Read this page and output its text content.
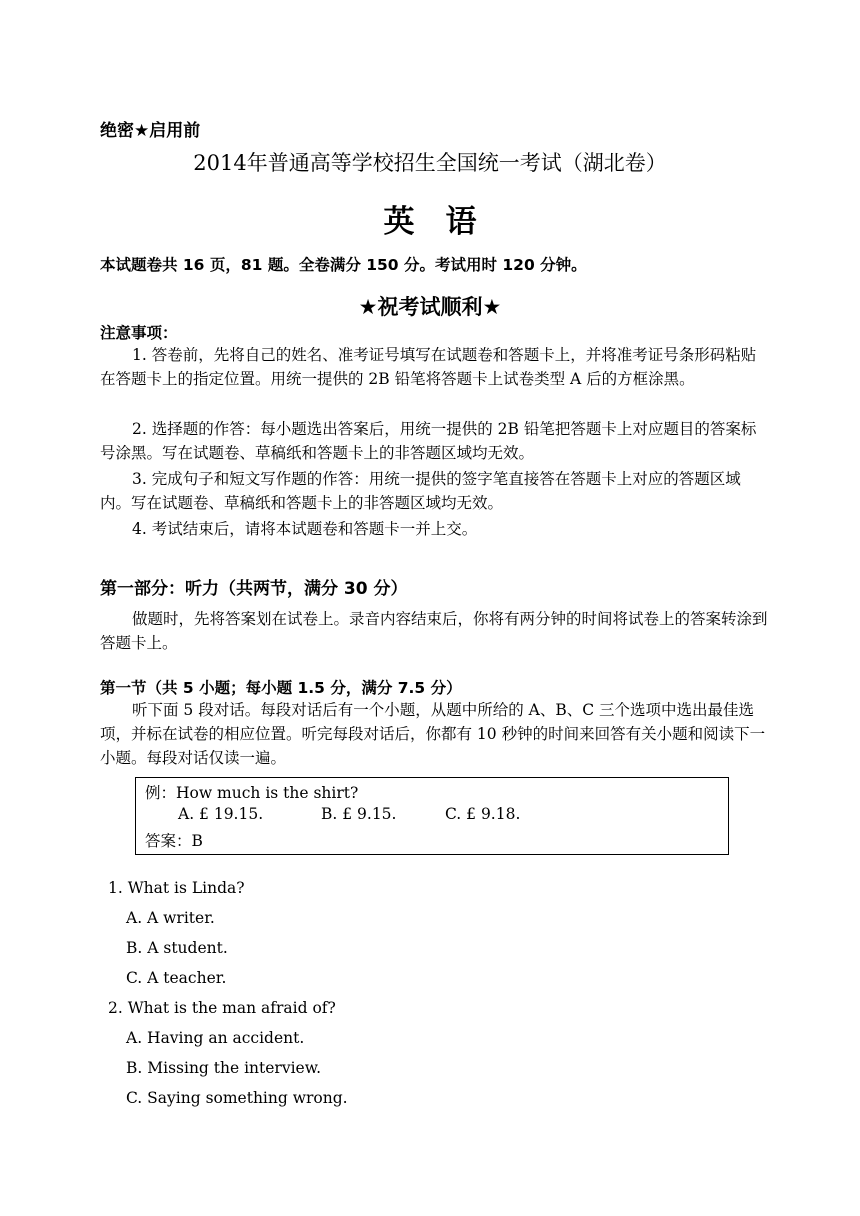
绝密★启用前
2014年普通高等学校招生全国统一考试（湖北卷）
英　语
本试题卷共 16 页，81 题。全卷满分 150 分。考试用时 120 分钟。
★祝考试顺利★
注意事项：
1. 答卷前，先将自己的姓名、准考证号填写在试题卷和答题卡上，并将准考证号条形码粘贴在答题卡上的指定位置。用统一提供的 2B 铅笔将答题卡上试卷类型 A 后的方框涂黑。
2. 选择题的作答：每小题选出答案后，用统一提供的 2B 铅笔把答题卡上对应题目的答案标号涂黑。写在试题卷、草稿纸和答题卡上的非答题区域均无效。
3. 完成句子和短文写作题的作答：用统一提供的签字笔直接答在答题卡上对应的答题区域内。写在试题卷、草稿纸和答题卡上的非答题区域均无效。
4. 考试结束后，请将本试题卷和答题卡一并上交。
第一部分：听力（共两节，满分 30 分）
做题时，先将答案划在试卷上。录音内容结束后，你将有两分钟的时间将试卷上的答案转涂到答题卡上。
第一节（共 5 小题；每小题 1.5 分，满分 7.5 分）
听下面 5 段对话。每段对话后有一个小题，从题中所给的 A、B、C 三个选项中选出最佳选项，并标在试卷的相应位置。听完每段对话后，你都有 10 秒钟的时间来回答有关小题和阅读下一小题。每段对话仅读一遍。
例：How much is the shirt?
A. £ 19.15.	B. £ 9.15.	C. £ 9.18.
答案：B
1. What is Linda?
A. A writer.
B. A student.
C. A teacher.
2. What is the man afraid of?
A. Having an accident.
B. Missing the interview.
C. Saying something wrong.
